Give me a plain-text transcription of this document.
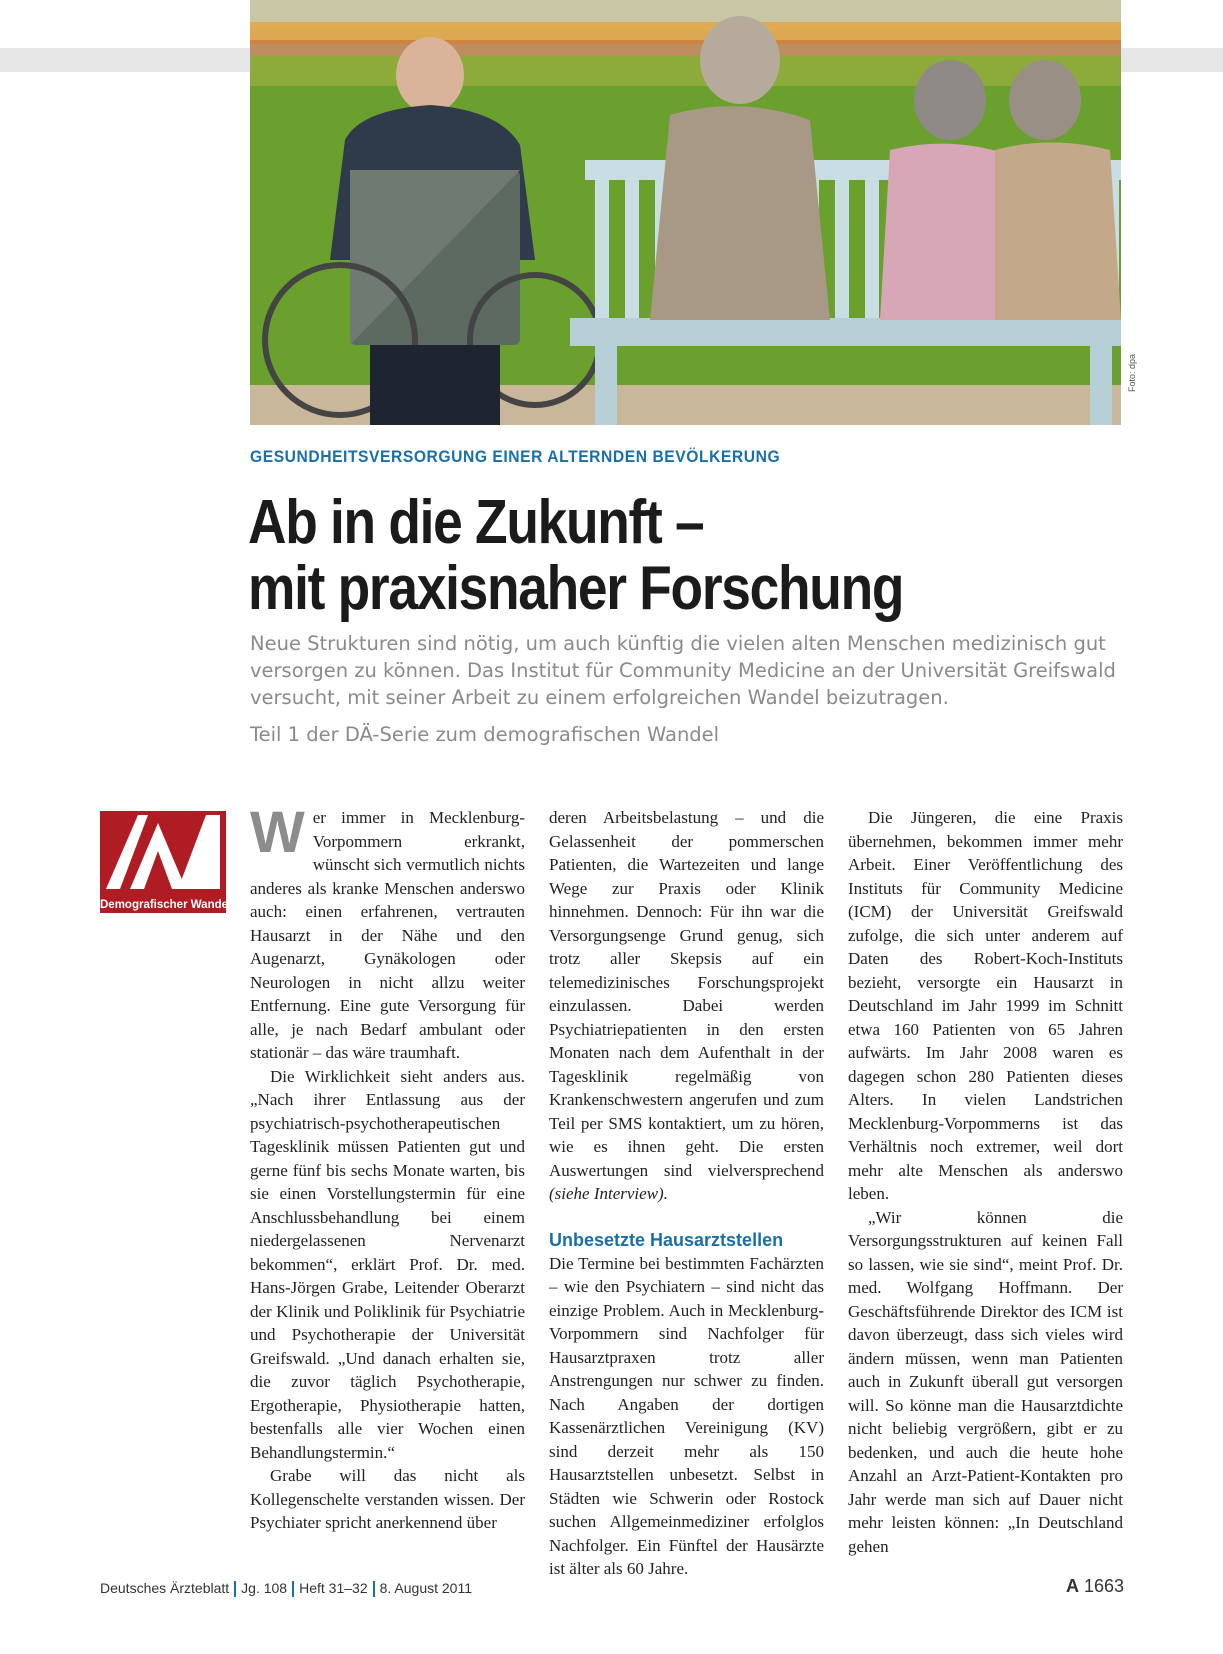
Foto: dpa
GESUNDHEITSVERSORGUNG EINER ALTERNDEN BEVÖLKERUNG
Ab in die Zukunft –
mit praxisnaher Forschung

Neue Strukturen sind nötig, um auch künftig die vielen alten Menschen medizinisch gut versorgen zu können. Das Institut für Community Medicine an der Universität Greifswald versucht, mit seiner Arbeit zu einem erfolgreichen Wandel beizutragen.

Teil 1 der DÄ-Serie zum demografischen Wandel

Demografischer Wandel

Wer immer in Mecklenburg-Vorpommern erkrankt, wünscht sich vermutlich nichts anderes als kranke Menschen anderswo auch: einen erfahrenen, vertrauten Hausarzt in der Nähe und den Augenarzt, Gynäkologen oder Neurologen in nicht allzu weiter Entfernung. Eine gute Versorgung für alle, je nach Bedarf ambulant oder stationär – das wäre traumhaft.

Die Wirklichkeit sieht anders aus. „Nach ihrer Entlassung aus der psychiatrisch-psychotherapeutischen Tagesklinik müssen Patienten gut und gerne fünf bis sechs Monate warten, bis sie einen Vorstellungstermin für eine Anschlussbehandlung bei einem niedergelassenen Nervenarzt bekommen“, erklärt Prof. Dr. med. Hans-Jörgen Grabe, Leitender Oberarzt der Klinik und Poliklinik für Psychiatrie und Psychotherapie der Universität Greifswald. „Und danach erhalten sie, die zuvor täglich Psychotherapie, Ergotherapie, Physiotherapie hatten, bestenfalls alle vier Wochen einen Behandlungstermin.“

Grabe will das nicht als Kollegenschelte verstanden wissen. Der Psychiater spricht anerkennend über

deren Arbeitsbelastung – und die Gelassenheit der pommerschen Patienten, die Wartezeiten und lange Wege zur Praxis oder Klinik hinnehmen. Dennoch: Für ihn war die Versorgungsenge Grund genug, sich trotz aller Skepsis auf ein telemedizinisches Forschungsprojekt einzulassen. Dabei werden Psychiatriepatienten in den ersten Monaten nach dem Aufenthalt in der Tagesklinik regelmäßig von Krankenschwestern angerufen und zum Teil per SMS kontaktiert, um zu hören, wie es ihnen geht. Die ersten Auswertungen sind vielversprechend (siehe Interview).

Unbesetzte Hausarztstellen

Die Termine bei bestimmten Fachärzten – wie den Psychiatern – sind nicht das einzige Problem. Auch in Mecklenburg-Vorpommern sind Nachfolger für Hausarztpraxen trotz aller Anstrengungen nur schwer zu finden. Nach Angaben der dortigen Kassenärztlichen Vereinigung (KV) sind derzeit mehr als 150 Hausarztstellen unbesetzt. Selbst in Städten wie Schwerin oder Rostock suchen Allgemeinmediziner erfolglos Nachfolger. Ein Fünftel der Hausärzte ist älter als 60 Jahre.

Die Jüngeren, die eine Praxis übernehmen, bekommen immer mehr Arbeit. Einer Veröffentlichung des Instituts für Community Medicine (ICM) der Universität Greifswald zufolge, die sich unter anderem auf Daten des Robert-Koch-Instituts bezieht, versorgte ein Hausarzt in Deutschland im Jahr 1999 im Schnitt etwa 160 Patienten von 65 Jahren aufwärts. Im Jahr 2008 waren es dagegen schon 280 Patienten dieses Alters. In vielen Landstrichen Mecklenburg-Vorpommerns ist das Verhältnis noch extremer, weil dort mehr alte Menschen als anderswo leben.

„Wir können die Versorgungsstrukturen auf keinen Fall so lassen, wie sie sind“, meint Prof. Dr. med. Wolfgang Hoffmann. Der Geschäftsführende Direktor des ICM ist davon überzeugt, dass sich vieles wird ändern müssen, wenn man Patienten auch in Zukunft überall gut versorgen will. So könne man die Hausarztdichte nicht beliebig vergrößern, gibt er zu bedenken, und auch die heute hohe Anzahl an Arzt-Patient-Kontakten pro Jahr werde man sich auf Dauer nicht mehr leisten können: „In Deutschland gehen

Deutsches Ärzteblatt Jg. 108 Heft 31–32 8. August 2011	A 1663
